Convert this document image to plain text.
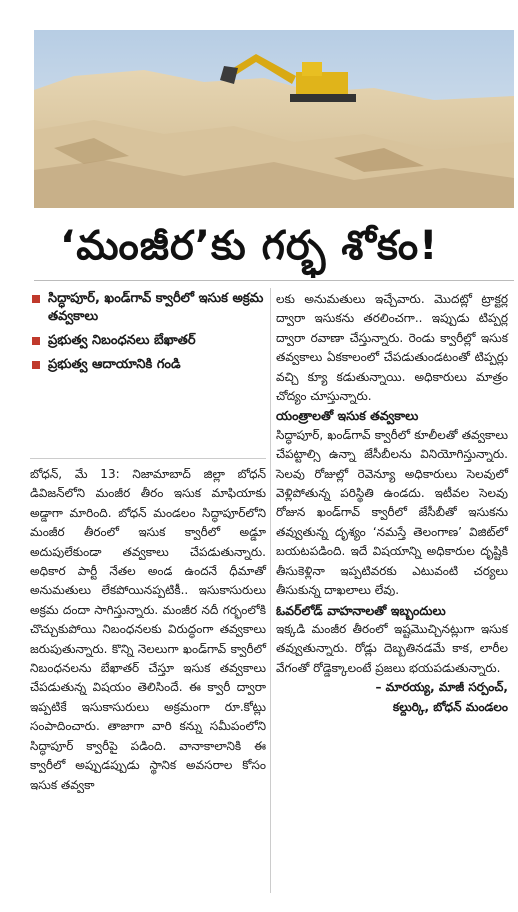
‘మంజీర’కు గర్భ శోకం!
సిద్ధాపూర్, ఖండ్‌గావ్ క్వారీలో ఇసుక అక్రమ తవ్వకాలు
ప్రభుత్వ నిబంధనలు బేఖాతర్
ప్రభుత్వ ఆదాయానికి గండి

బోధన్, మే 13: నిజామాబాద్ జిల్లా బోధన్ డివిజన్‌లోని మంజీర తీరం ఇసుక మాఫియాకు అడ్డాగా మారింది. బోధన్ మండలం సిద్ధాపూర్‌లోని మంజీర తీరంలో ఇసుక క్వారీలో అడ్డూ అదుపులేకుండా తవ్వకాలు చేపడుతున్నారు. అధికార పార్టీ నేతల అండ ఉందనే ధీమాతో అనుమతులు లేకపోయినప్పటికీ.. ఇసుకాసురులు అక్రమ దందా సాగిస్తున్నారు. మంజీర నదీ గర్భంలోకి చొచ్చుకుపోయి నిబంధనలకు విరుద్ధంగా తవ్వకాలు జరుపుతున్నారు. కొన్ని నెలలుగా ఖండ్‌గావ్ క్వారీలో నిబంధనలను బేఖాతర్ చేస్తూ ఇసుక తవ్వకాలు చేపడుతున్న విషయం తెలిసిందే. ఈ క్వారీ ద్వారా ఇప్పటికే ఇసుకాసురులు అక్రమంగా రూ.కోట్లు సంపాదించారు. తాజాగా వారి కన్ను సమీపంలోని సిద్ధాపూర్ క్వారీపై పడింది. వానాకాలానికి ఈ క్వారీలో అప్పుడప్పుడు స్థానిక అవసరాల కోసం ఇసుక తవ్వకా

లకు అనుమతులు ఇచ్చేవారు. మొదట్లో ట్రాక్టర్ల ద్వారా ఇసుకను తరలించగా.. ఇప్పుడు టిప్పర్ల ద్వారా రవాణా చేస్తున్నారు. రెండు క్వారీల్లో ఇసుక తవ్వకాలు ఏకకాలంలో చేపడుతుండటంతో టిప్పర్లు వచ్చి క్యూ కడుతున్నాయి. అధికారులు మాత్రం చోద్యం చూస్తున్నారు.

యంత్రాలతో ఇసుక తవ్వకాలు

సిద్ధాపూర్, ఖండ్‌గావ్ క్వారీలో కూలీలతో తవ్వకాలు చేపట్టాల్సి ఉన్నా జేసీబీలను వినియోగిస్తున్నారు. సెలవు రోజుల్లో రెవెన్యూ అధికారులు సెలవులో వెళ్లిపోతున్న పరిస్థితి ఉండదు. ఇటీవల సెలవు రోజున ఖండ్‌గావ్ క్వారీలో జేసీబీతో ఇసుకను తవ్వుతున్న దృశ్యం ‘నమస్తే తెలంగాణ’ విజిట్‌లో బయటపడింది. ఇదే విషయాన్ని అధికారుల దృష్టికి తీసుకెళ్లినా ఇప్పటివరకు ఎటువంటి చర్యలు తీసుకున్న దాఖలాలు లేవు.

ఓవర్‌లోడ్ వాహనాలతో ఇబ్బందులు

ఇక్కడి మంజీర తీరంలో ఇష్టమొచ్చినట్లుగా ఇసుక తవ్వుతున్నారు. రోడ్లు దెబ్బతినడమే కాక, లారీల వేగంతో రోడ్డెక్కాలంటే ప్రజలు భయపడుతున్నారు.

– మారయ్య, మాజీ సర్పంచ్,

కల్దుర్కి, బోధన్ మండలం
